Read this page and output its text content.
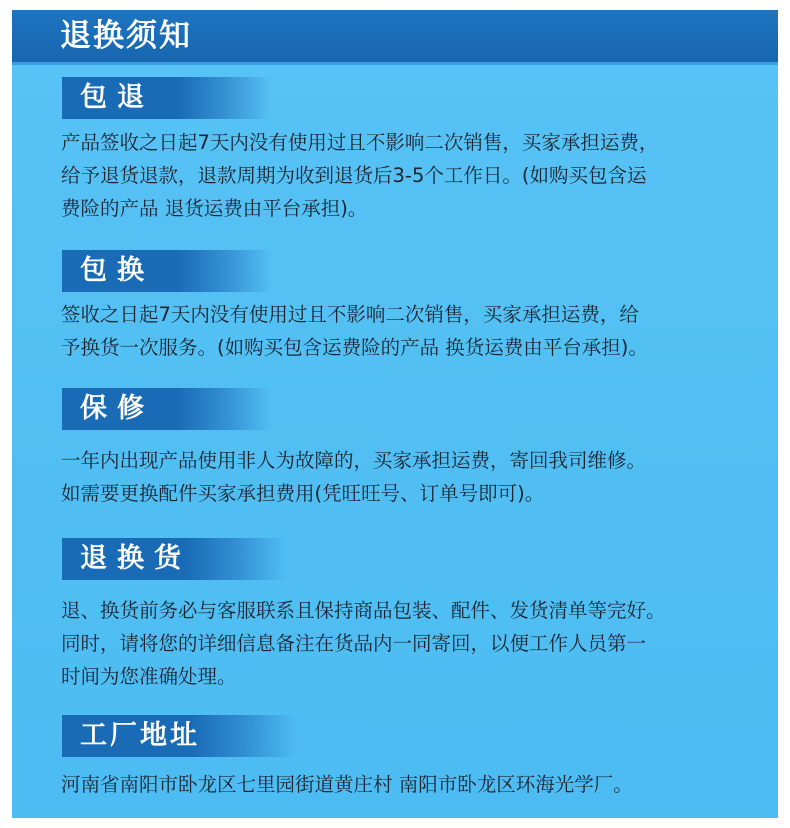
退换须知
包退
产品签收之日起7天内没有使用过且不影响二次销售，买家承担运费，
给予退货退款，退款周期为收到退货后3-5个工作日。(如购买包含运
费险的产品 退货运费由平台承担)。
包换
签收之日起7天内没有使用过且不影响二次销售，买家承担运费，给
予换货一次服务。(如购买包含运费险的产品 换货运费由平台承担)。
保修
一年内出现产品使用非人为故障的，买家承担运费，寄回我司维修。
如需要更换配件买家承担费用(凭旺旺号、订单号即可)。
退换货
退、换货前务必与客服联系且保持商品包装、配件、发货清单等完好。
同时，请将您的详细信息备注在货品内一同寄回，以便工作人员第一
时间为您准确处理。
工厂地址
河南省南阳市卧龙区七里园街道黄庄村 南阳市卧龙区环海光学厂。
